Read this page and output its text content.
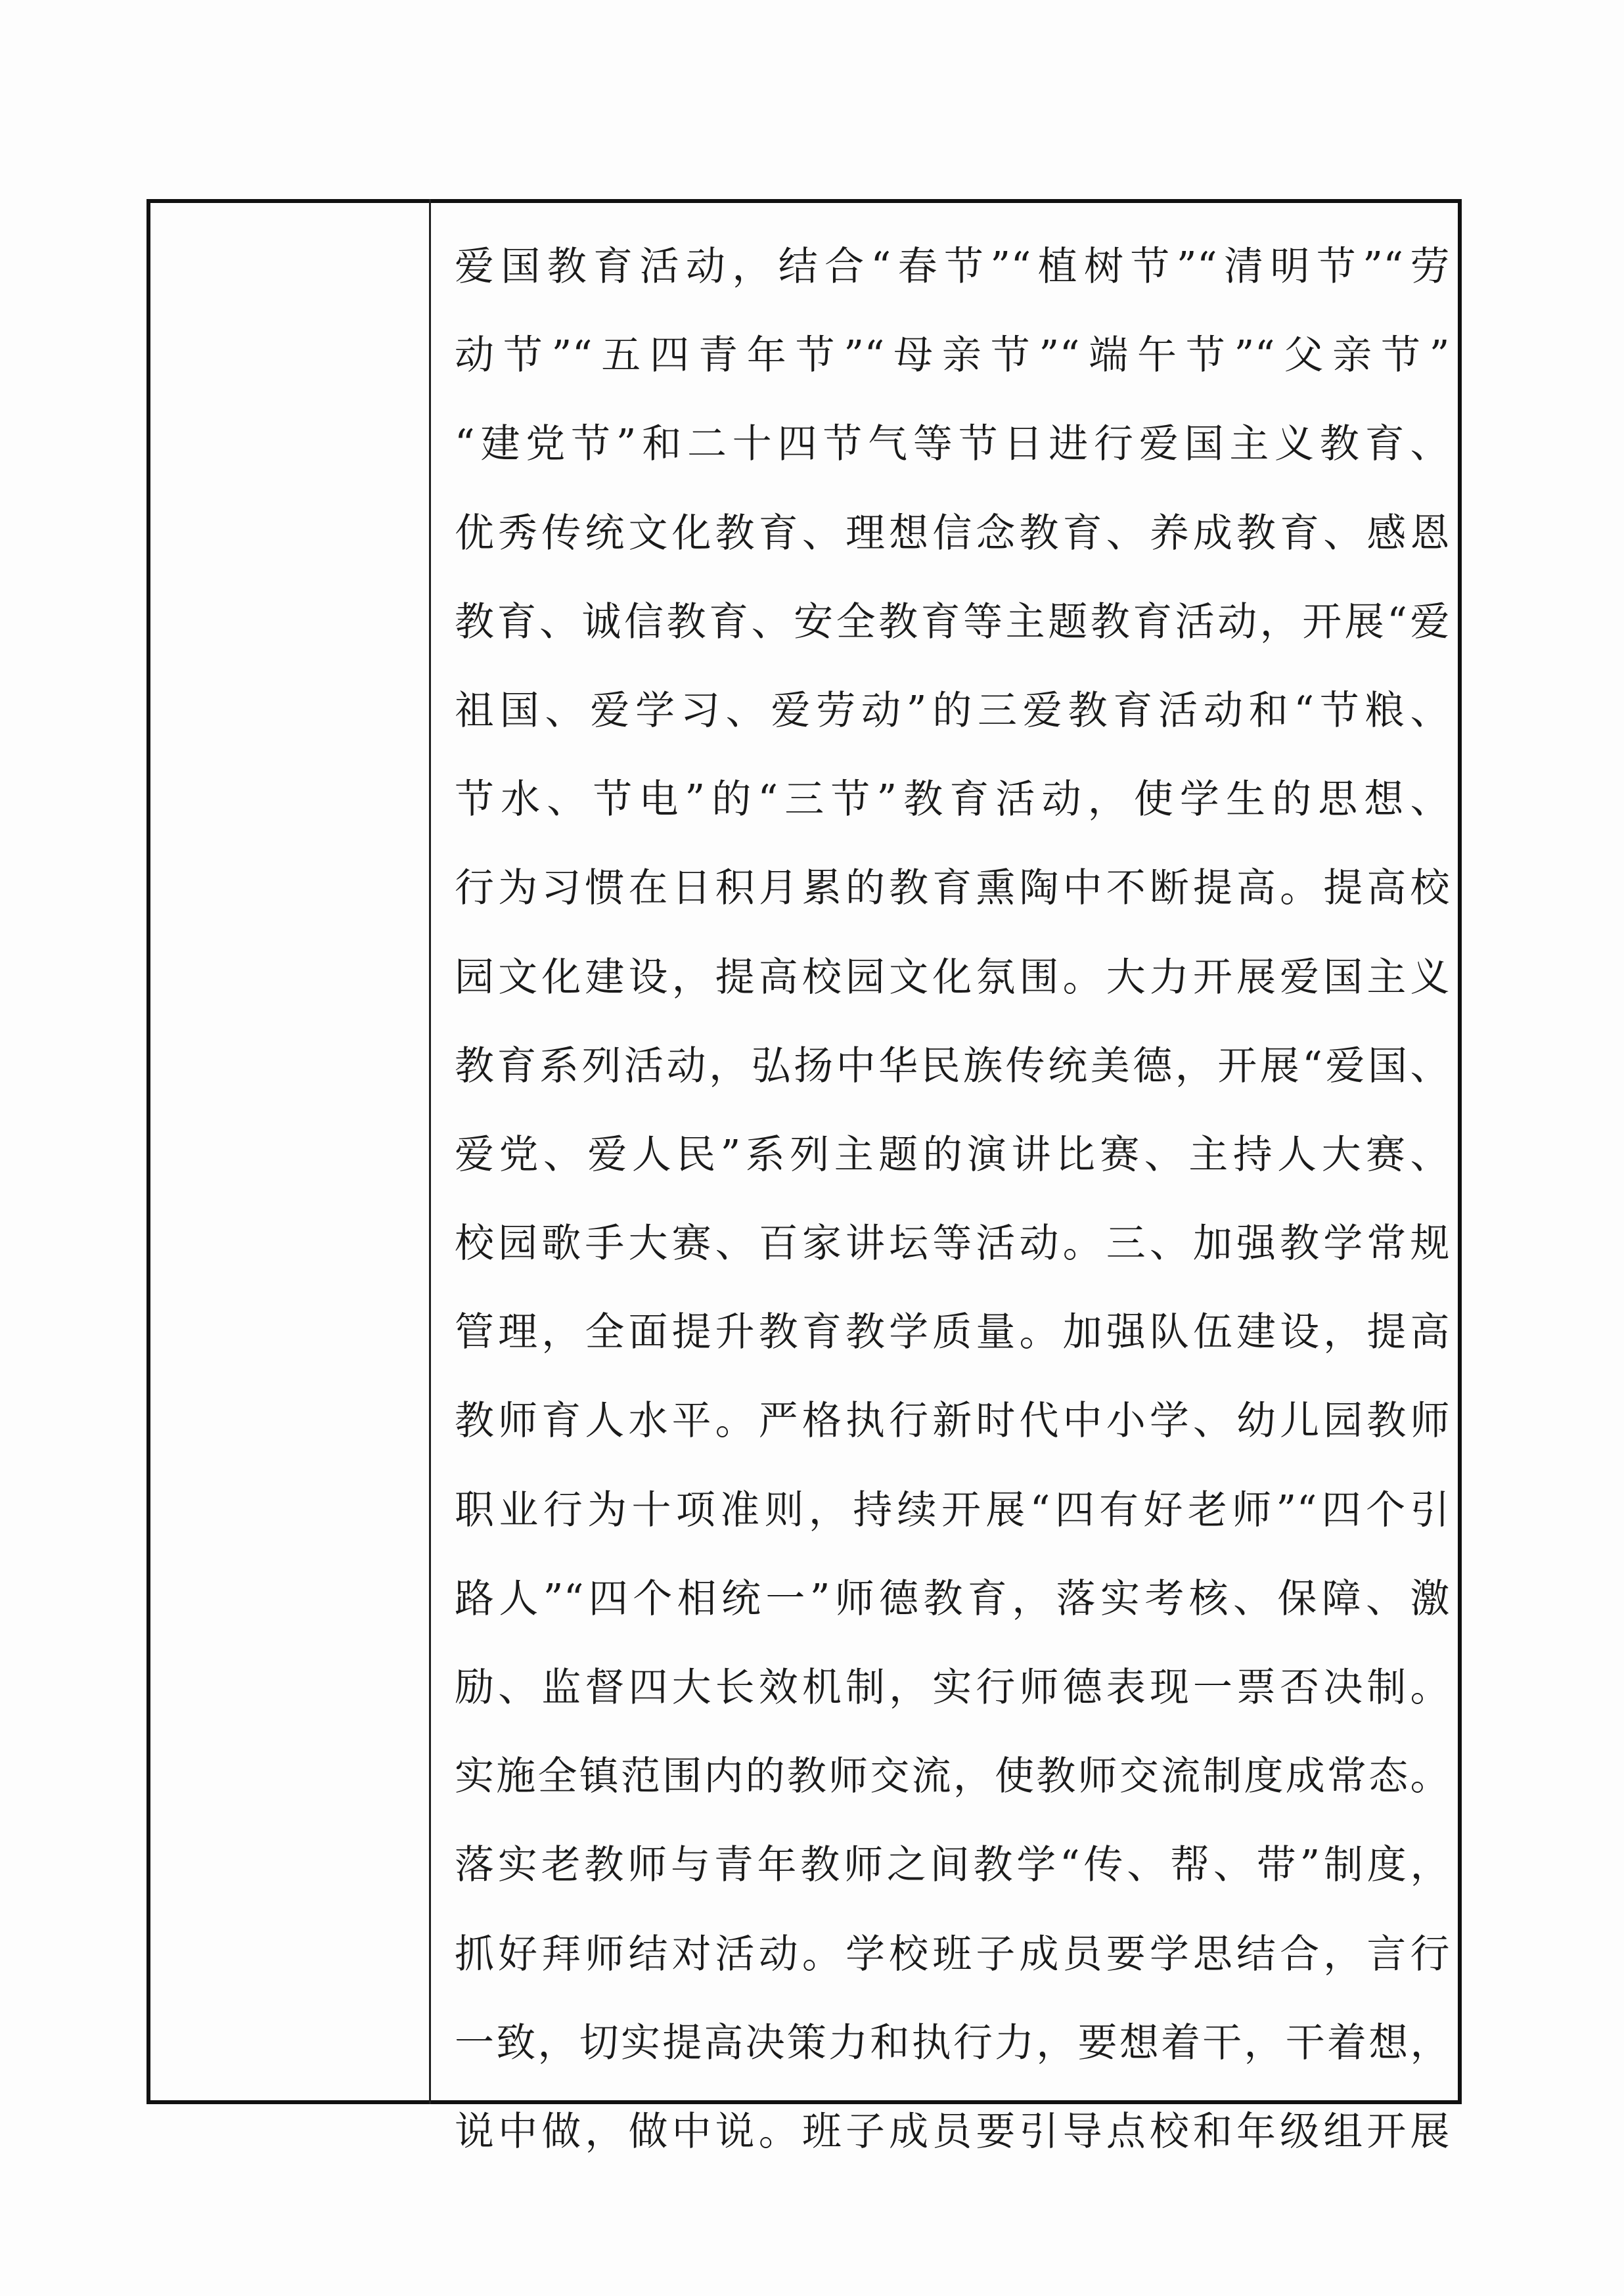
爱国教育活动，结合“春节”“植树节”“清明节”“劳
动节”“五四青年节”“母亲节”“端午节”“父亲节”
“建党节”和二十四节气等节日进行爱国主义教育、
优秀传统文化教育、理想信念教育、养成教育、感恩
教育、诚信教育、安全教育等主题教育活动，开展“爱
祖国、爱学习、爱劳动”的三爱教育活动和“节粮、
节水、节电”的“三节”教育活动，使学生的思想、
行为习惯在日积月累的教育熏陶中不断提高。提高校
园文化建设，提高校园文化氛围。大力开展爱国主义
教育系列活动，弘扬中华民族传统美德，开展“爱国、
爱党、爱人民”系列主题的演讲比赛、主持人大赛、
校园歌手大赛、百家讲坛等活动。三、加强教学常规
管理，全面提升教育教学质量。加强队伍建设，提高
教师育人水平。严格执行新时代中小学、幼儿园教师
职业行为十项准则，持续开展“四有好老师”“四个引
路人”“四个相统一”师德教育，落实考核、保障、激
励、监督四大长效机制，实行师德表现一票否决制。
实施全镇范围内的教师交流，使教师交流制度成常态。
落实老教师与青年教师之间教学“传、帮、带”制度，
抓好拜师结对活动。学校班子成员要学思结合，言行
一致，切实提高决策力和执行力，要想着干，干着想，
说中做，做中说。班子成员要引导点校和年级组开展
